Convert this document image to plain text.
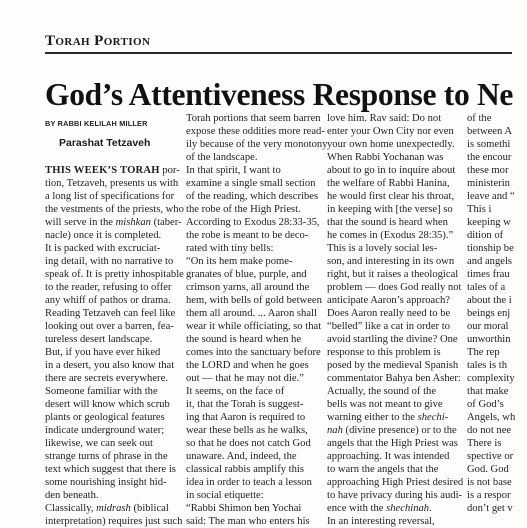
Torah Portion
God’s Attentiveness Response to Ne
BY RABBI KELILAH MILLER
Parashat Tetzaveh
THIS WEEK’S TORAH por-
tion, Tetzaveh, presents us with
a long list of specifications for
the vestments of the priests, who
will serve in the mishkan (taber-
nacle) once it is completed.
It is packed with excruciat-
ing detail, with no narrative to
speak of. It is pretty inhospitable
to the reader, refusing to offer
any whiff of pathos or drama.
Reading Tetzaveh can feel like
looking out over a barren, fea-
tureless desert landscape.
But, if you have ever hiked
in a desert, you also know that
there are secrets everywhere.
Someone familiar with the
desert will know which scrub
plants or geological features
indicate underground water;
likewise, we can seek out
strange turns of phrase in the
text which suggest that there is
some nourishing insight hid-
den beneath.
Classically, midrash (biblical
interpretation) requires just such
Torah portions that seem barren
expose these oddities more read-
ily because of the very monotony
of the landscape.
In that spirit, I want to
examine a single small section
of the reading, which describes
the robe of the High Priest.
According to Exodus 28:33-35,
the robe is meant to be deco-
rated with tiny bells:
“On its hem make pome-
granates of blue, purple, and
crimson yarns, all around the
hem, with bells of gold between
them all around. ... Aaron shall
wear it while officiating, so that
the sound is heard when he
comes into the sanctuary before
the LORD and when he goes
out — that he may not die.”
It seems, on the face of
it, that the Torah is suggest-
ing that Aaron is required to
wear these bells as he walks,
so that he does not catch God
unaware. And, indeed, the
classical rabbis amplify this
idea in order to teach a lesson
in social etiquette:
“Rabbi Shimon ben Yochai
said: The man who enters his
love him. Rav said: Do not
enter your Own City nor even
your own home unexpectedly.
When Rabbi Yochanan was
about to go in to inquire about
the welfare of Rabbi Hanina,
he would first clear his throat,
in keeping with [the verse] so
that the sound is heard when
he comes in (Exodus 28:35).”
This is a lovely social les-
son, and interesting in its own
right, but it raises a theological
problem — does God really not
anticipate Aaron’s approach?
Does Aaron really need to be
“belled” like a cat in order to
avoid startling the divine? One
response to this problem is
posed by the medieval Spanish
commentator Bahya ben Asher:
Actually, the sound of the
bells was not meant to give
warning either to the shechi-
nah (divine presence) or to the
angels that the High Priest was
approaching. It was intended
to warn the angels that the
approaching High Priest desired
to have privacy during his audi-
ence with the shechinah.
In an interesting reversal,
of the
between A
is somethi
the encour
these mor
ministerin
leave and “
This i
keeping w
dition of
tionship be
and angels
times frau
tales of a
about the i
beings enj
our moral
unworthin
The rep
tales is th
complexity
that make
of God’s
Angels, wh
do not nee
There is
spective or
God. God
is not base
is a respor
don’t get v
